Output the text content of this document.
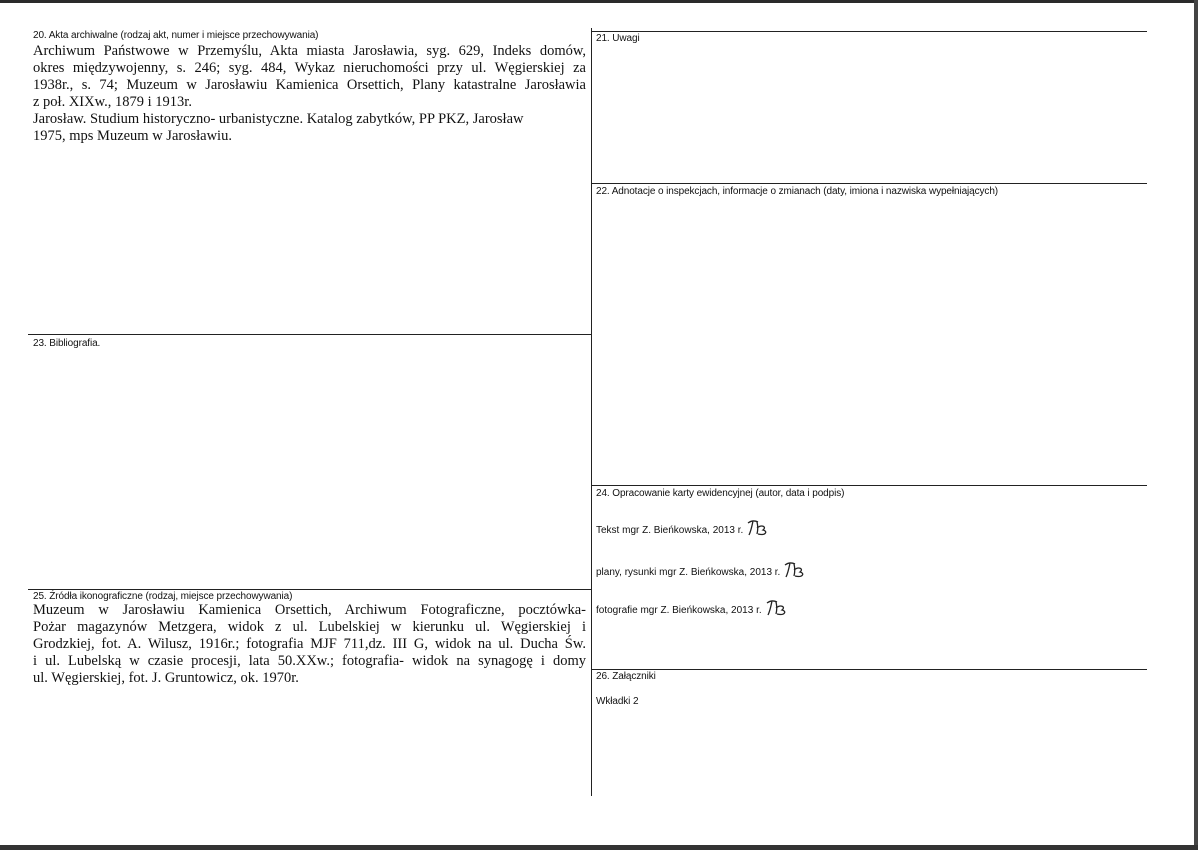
20. Akta archiwalne (rodzaj akt, numer i miejsce przechowywania)
Archiwum Państwowe w Przemyślu, Akta miasta Jarosławia, syg. 629, Indeks domów,
okres międzywojenny, s. 246; syg. 484, Wykaz nieruchomości przy ul. Węgierskiej za
1938r., s. 74; Muzeum w Jarosławiu Kamienica Orsettich, Plany katastralne Jarosławia
z poł. XIXw., 1879 i 1913r.
Jarosław. Studium historyczno- urbanistyczne. Katalog zabytków, PP PKZ, Jarosław
1975, mps Muzeum w Jarosławiu.
21. Uwagi
22. Adnotacje o inspekcjach, informacje o zmianach (daty, imiona i nazwiska wypełniających)
23. Bibliografia.
24. Opracowanie karty ewidencyjnej (autor, data i podpis)
Tekst mgr Z. Bieńkowska, 2013 r.
plany, rysunki mgr Z. Bieńkowska, 2013 r.
fotografie mgr Z. Bieńkowska, 2013 r.
25. Źródła ikonograficzne (rodzaj, miejsce przechowywania)
Muzeum w Jarosławiu Kamienica Orsettich, Archiwum Fotograficzne, pocztówka-
Pożar magazynów Metzgera, widok z ul. Lubelskiej w kierunku ul. Węgierskiej i
Grodzkiej, fot. A. Wilusz, 1916r.; fotografia MJF 711,dz. III G, widok na ul. Ducha Św.
i ul. Lubelską w czasie procesji, lata 50.XXw.; fotografia- widok na synagogę i domy
ul. Węgierskiej, fot. J. Gruntowicz, ok. 1970r.	26. Załączniki
Wkładki 2
